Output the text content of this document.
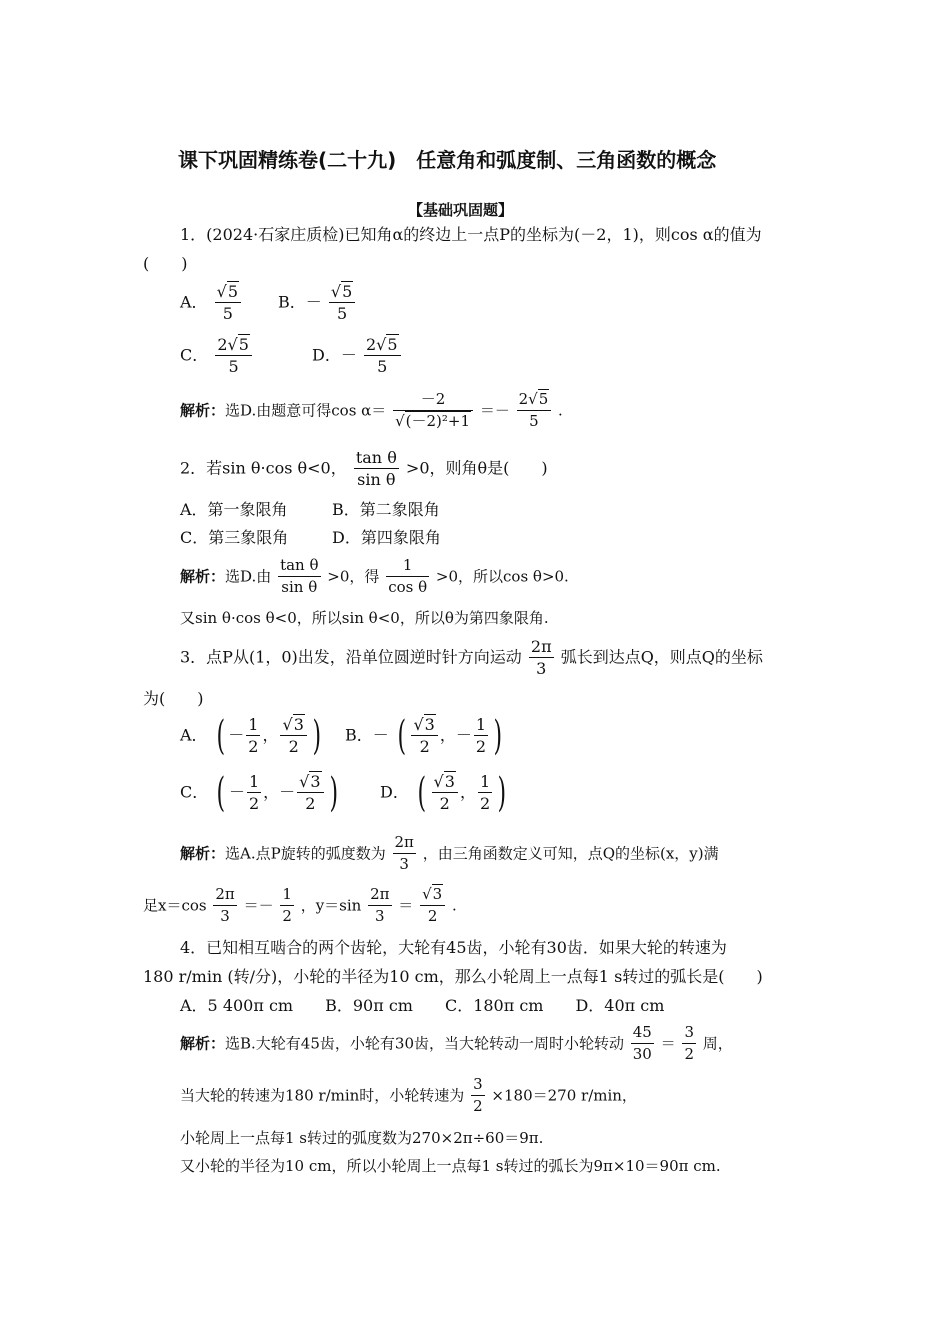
课下巩固精练卷(二十九)　任意角和弧度制、三角函数的概念
【基础巩固题】
1．(2024·石家庄质检)已知角α的终边上一点P的坐标为(－2，1)，则cos α的值为
(　　)
A． $\frac{√5}{5}$ B．－ $\frac{√5}{5}$
C． $\frac{2√5}{5}$	D．－ $\frac{2√5}{5}$
解析：选D.由题意可得$\cos \alpha= \frac{-2}{\text{√(－2)²+1}} =- \frac{2√5}{5}$ .
2．若sin θ·cos θ<0， $\frac{\text{tan θ}}{\text{sin θ}} >0$，则角θ是(　　)
A．第一象限角	B．第二象限角
C．第三象限角	D．第四象限角
解析：选D.由 $\frac{\text{tan θ}}{\text{sin θ}} >0$，得 $\frac{1}{\text{cos θ}} >0$，所以cos θ>0.
又sin θ·cos θ<0，所以sin θ<0，所以θ为第四象限角.
3．点P从(1，0)出发，沿单位圆逆时针方向运动 $\frac{2\pi}{3}$ 弧长到达点Q，则点Q的坐标
为(　　)
A． ( － $\frac{1}{2}$ ， $\frac{√3}{2}$ ) B．－ ( $\frac{√3}{2}$ ，－ $\frac{1}{2}$ )
C． ( － $\frac{1}{2}$ ，－ $\frac{√3}{2}$ )	D． ( $\frac{√3}{2}$ ， $\frac{1}{2}$ )
解析：选A.点P旋转的弧度数为 $\frac{2\pi}{3}$ ，由三角函数定义可知，点Q的坐标(x，y)满
足$x=\cos \frac{2\pi}{3} =- \frac{1}{2}$ ，$y=\sin \frac{2\pi}{3} = \frac{√3}{2}$ .
4．已知相互啮合的两个齿轮，大轮有45齿，小轮有30齿．如果大轮的转速为
180 r/min (转/分)，小轮的半径为10 cm，那么小轮周上一点每1 s转过的弧长是(　　)
A．5 400π cm　　B．90π cm　　C．180π cm　　D．40π cm
解析：选B.大轮有45齿，小轮有30齿，当大轮转动一周时小轮转动 $\frac{45}{30} = \frac{3}{2}$ 周，
当大轮的转速为180 r/min时，小轮转速为 $\frac{3}{2} \times 180=270$ r/min，
小轮周上一点每1 s转过的弧度数为270×2π÷60＝9π.
又小轮的半径为10 cm，所以小轮周上一点每1 s转过的弧长为9π×10＝90π cm.
